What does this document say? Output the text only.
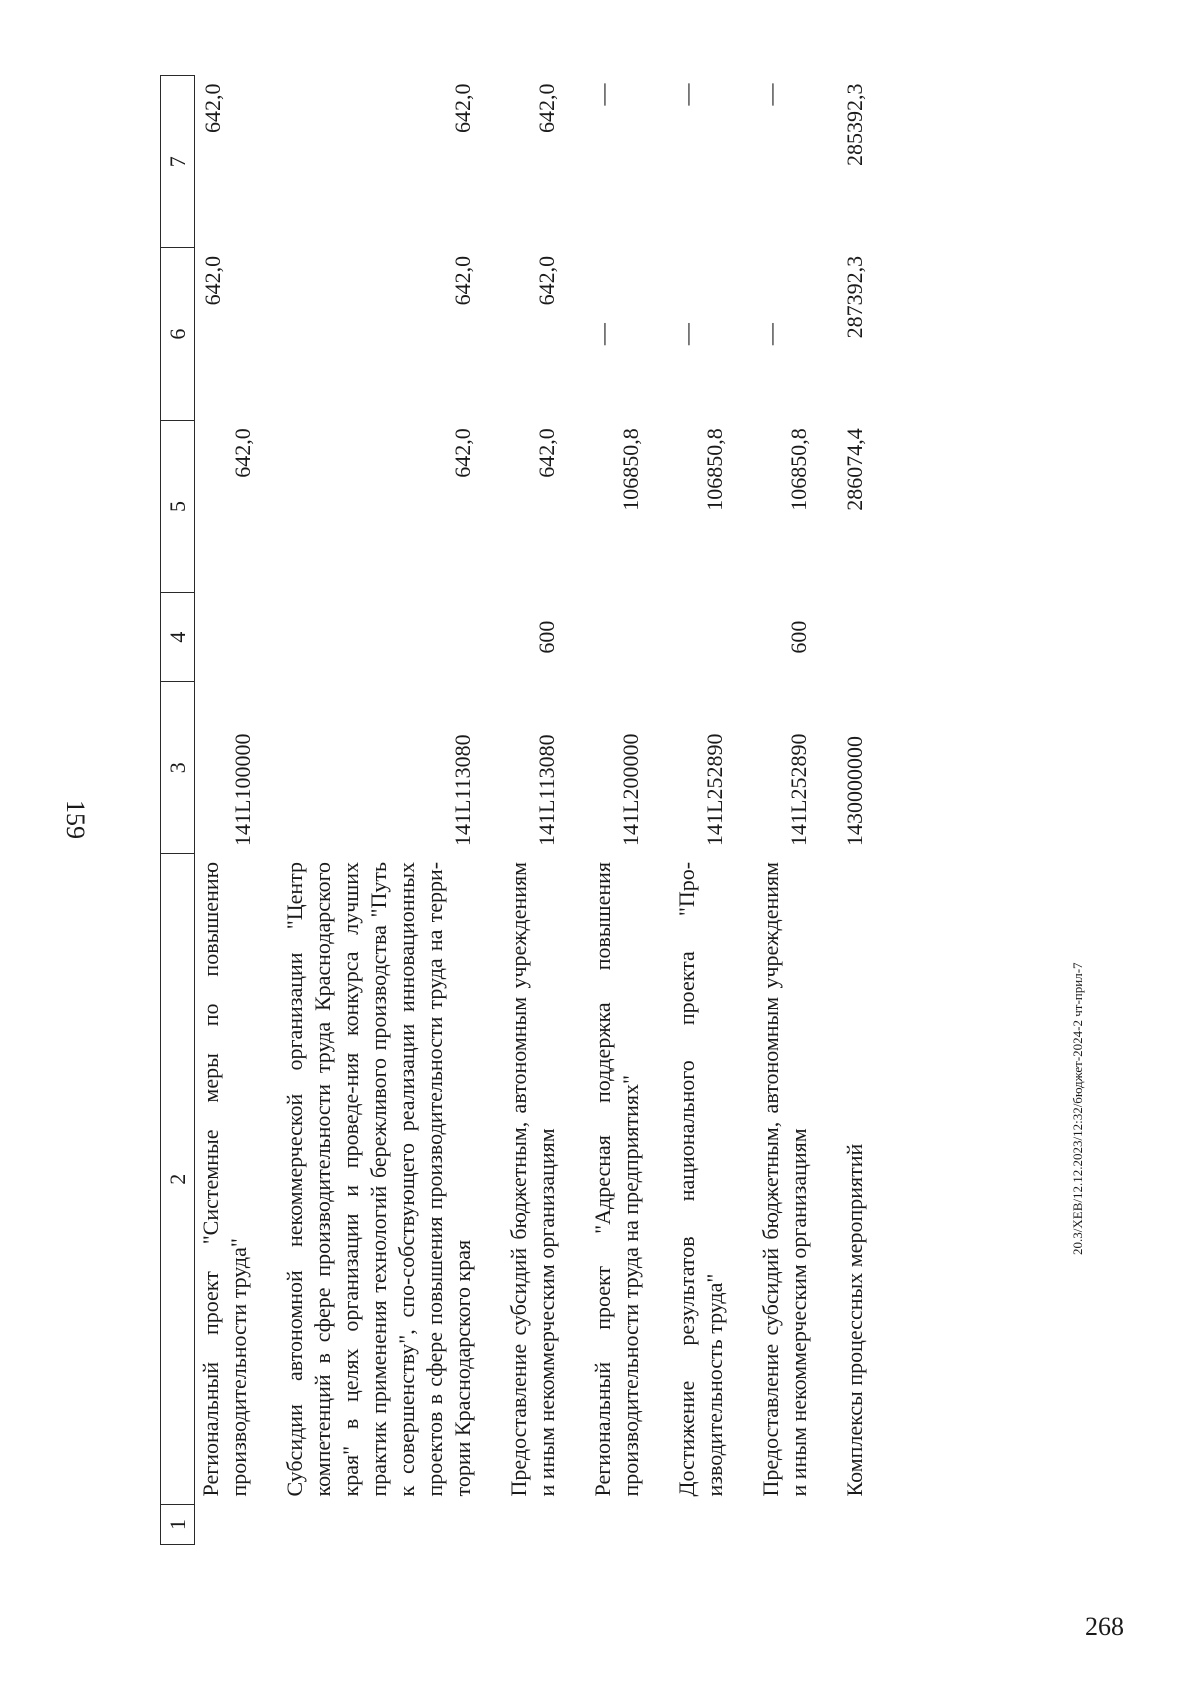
159
268
20.3/XEB/12.12.2023/12:32/бюджет-2024-2 чт-прил-7
1	2	3	4	5	6	7
	Региональный проект "Системные меры по повышению производительности труда"	141L100000		642,0	642,0	642,0
	Субсидии автономной некоммерческой организации "Центр компетенций в сфере производительности труда Краснодарского края" в целях организации и проведе-ния конкурса лучших практик применения технологий бережливого производства "Путь к совершенству", спо-собствующего реализации инновационных проектов в сфере повышения производительности труда на терри-тории Краснодарского края	141L113080		642,0	642,0	642,0
	Предоставление субсидий бюджетным, автономным учреждениям и иным некоммерческим организациям	141L113080	600	642,0	642,0	642,0
	Региональный проект "Адресная поддержка повышения производительности труда на предприятиях"	141L200000		106850,8	—	—
	Достижение результатов национального проекта "Про-изводительность труда"	141L252890		106850,8	—	—
	Предоставление субсидий бюджетным, автономным учреждениям и иным некоммерческим организациям	141L252890	600	106850,8	—	—
	Комплексы процессных мероприятий	1430000000		286074,4	287392,3	285392,3
